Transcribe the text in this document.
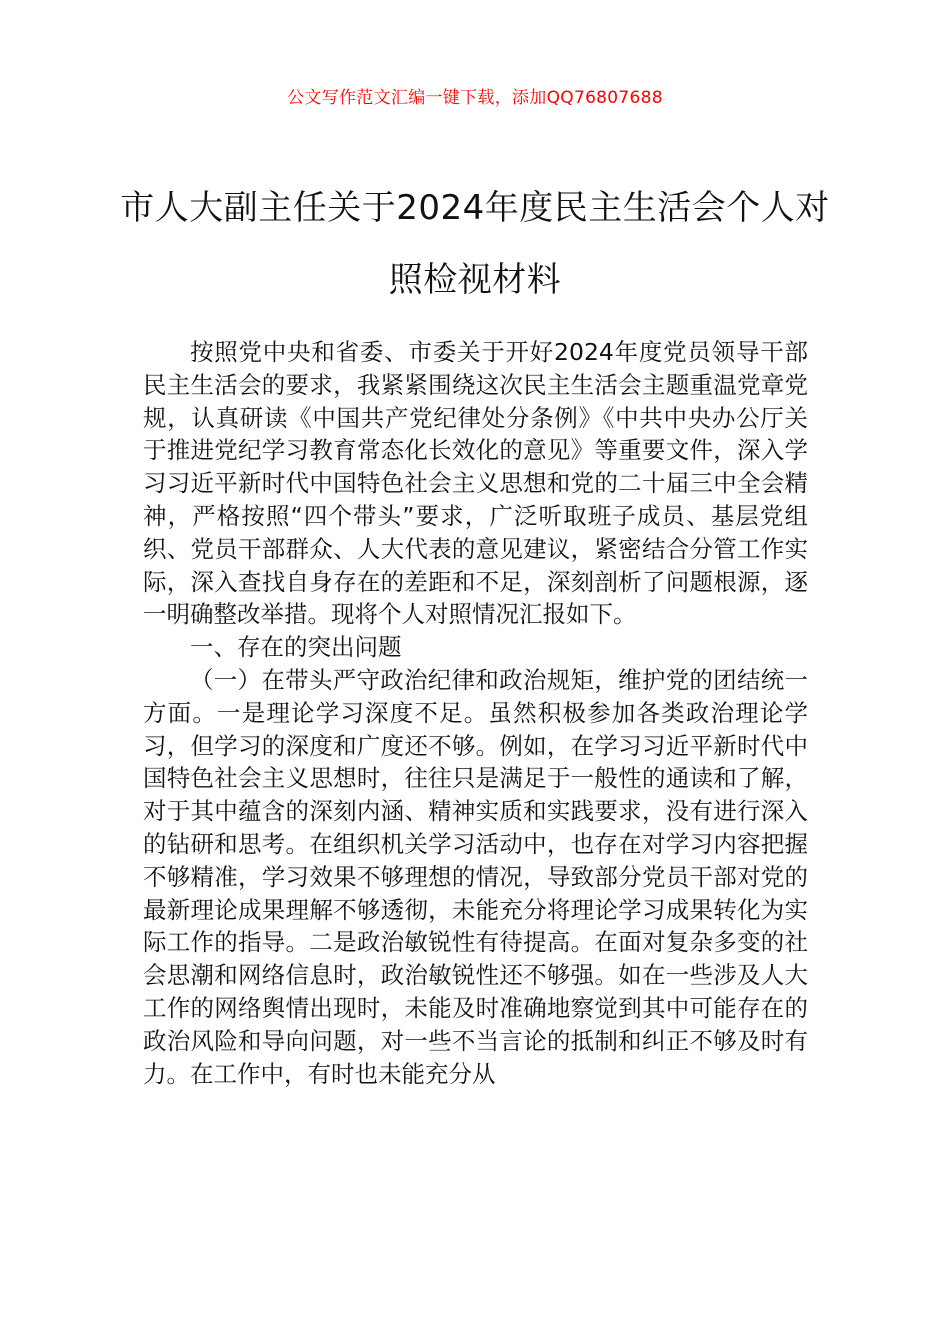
公文写作范文汇编一键下载，添加QQ76807688
市人大副主任关于2024年度民主生活会个人对照检视材料

按照党中央和省委、市委关于开好2024年度党员领导干部民主生活会的要求，我紧紧围绕这次民主生活会主题重温党章党规，认真研读《中国共产党纪律处分条例》《中共中央办公厅关于推进党纪学习教育常态化长效化的意见》等重要文件，深入学习习近平新时代中国特色社会主义思想和党的二十届三中全会精神，严格按照“四个带头”要求，广泛听取班子成员、基层党组织、党员干部群众、人大代表的意见建议，紧密结合分管工作实际，深入查找自身存在的差距和不足，深刻剖析了问题根源，逐一明确整改举措。现将个人对照情况汇报如下。

一、存在的突出问题

（一）在带头严守政治纪律和政治规矩，维护党的团结统一方面。一是理论学习深度不足。虽然积极参加各类政治理论学习，但学习的深度和广度还不够。例如，在学习习近平新时代中国特色社会主义思想时，往往只是满足于一般性的通读和了解，对于其中蕴含的深刻内涵、精神实质和实践要求，没有进行深入的钻研和思考。在组织机关学习活动中，也存在对学习内容把握不够精准，学习效果不够理想的情况，导致部分党员干部对党的最新理论成果理解不够透彻，未能充分将理论学习成果转化为实际工作的指导。二是政治敏锐性有待提高。在面对复杂多变的社会思潮和网络信息时，政治敏锐性还不够强。如在一些涉及人大工作的网络舆情出现时，未能及时准确地察觉到其中可能存在的政治风险和导向问题，对一些不当言论的抵制和纠正不够及时有力。在工作中，有时也未能充分从
